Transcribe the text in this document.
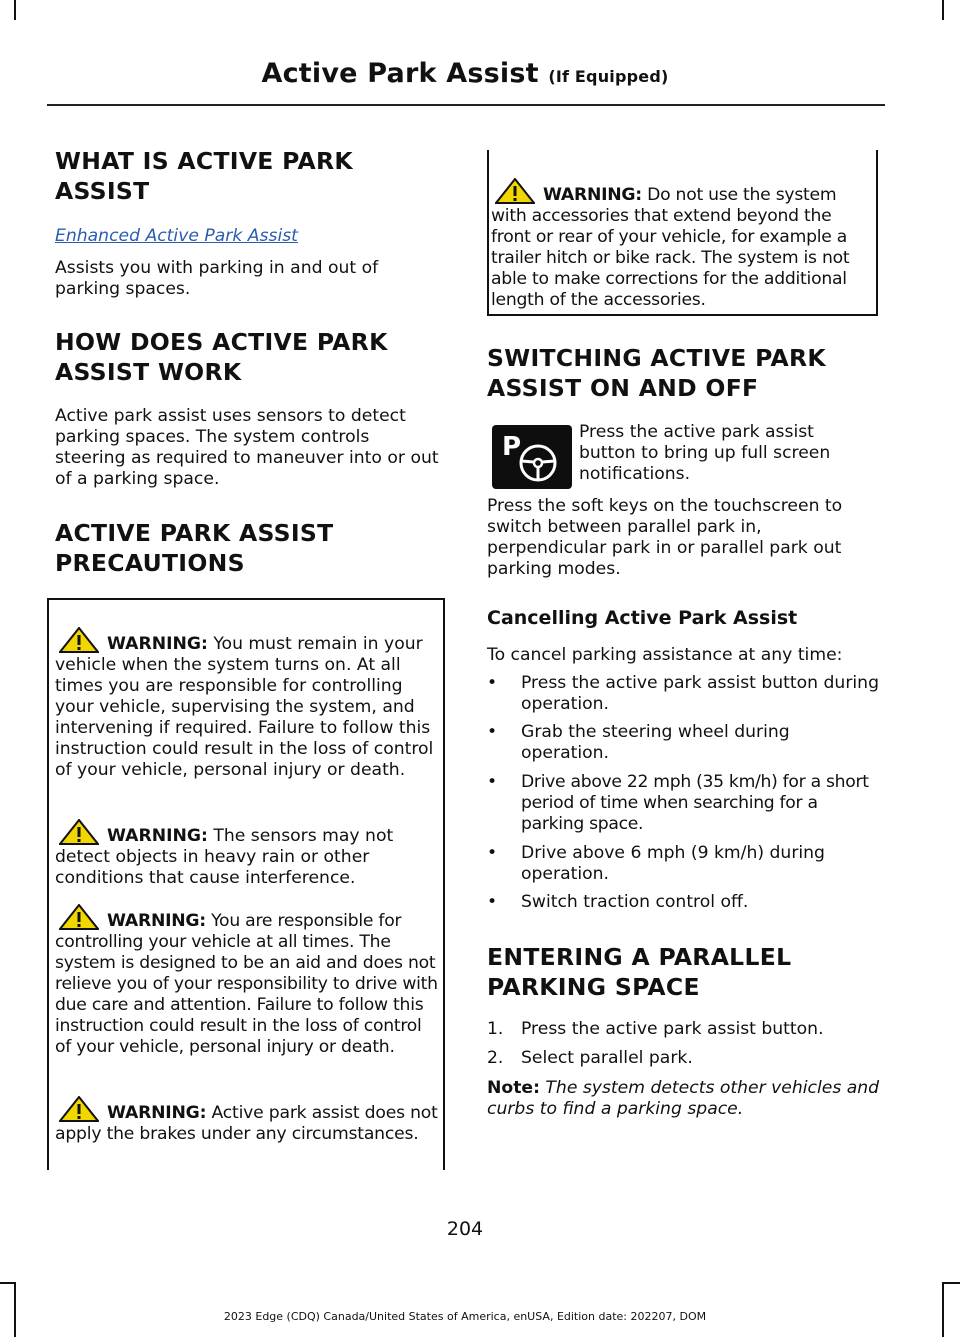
Active Park Assist (If Equipped)
WHAT IS ACTIVE PARK
ASSIST
Enhanced Active Park Assist
Assists you with parking in and out of parking spaces.
HOW DOES ACTIVE PARK
ASSIST WORK
Active park assist uses sensors to detect parking spaces. The system controls steering as required to maneuver into or out of a parking space.
ACTIVE PARK ASSIST
PRECAUTIONS
WARNING: You must remain in your vehicle when the system turns on. At all times you are responsible for controlling your vehicle, supervising the system, and intervening if required. Failure to follow this instruction could result in the loss of control of your vehicle, personal injury or death.
WARNING: The sensors may not detect objects in heavy rain or other conditions that cause interference.
WARNING: You are responsible for controlling your vehicle at all times. The system is designed to be an aid and does not relieve you of your responsibility to drive with due care and attention. Failure to follow this instruction could result in the loss of control of your vehicle, personal injury or death.
WARNING: Active park assist does not apply the brakes under any circumstances.
WARNING: Do not use the system with accessories that extend beyond the front or rear of your vehicle, for example a trailer hitch or bike rack. The system is not able to make corrections for the additional length of the accessories.
SWITCHING ACTIVE PARK
ASSIST ON AND OFF
P	Press the active park assist button to bring up full screen notifications.
Press the soft keys on the touchscreen to switch between parallel park in, perpendicular park in or parallel park out parking modes.
Cancelling Active Park Assist
To cancel parking assistance at any time:
• Press the active park assist button during operation.
• Grab the steering wheel during operation.
• Drive above 22 mph (35 km/h) for a short period of time when searching for a parking space.
• Drive above 6 mph (9 km/h) during operation.
• Switch traction control off.
ENTERING A PARALLEL
PARKING SPACE
1. Press the active park assist button.
2. Select parallel park.
Note: The system detects other vehicles and curbs to find a parking space.
204
2023 Edge (CDQ) Canada/United States of America, enUSA, Edition date: 202207, DOM
